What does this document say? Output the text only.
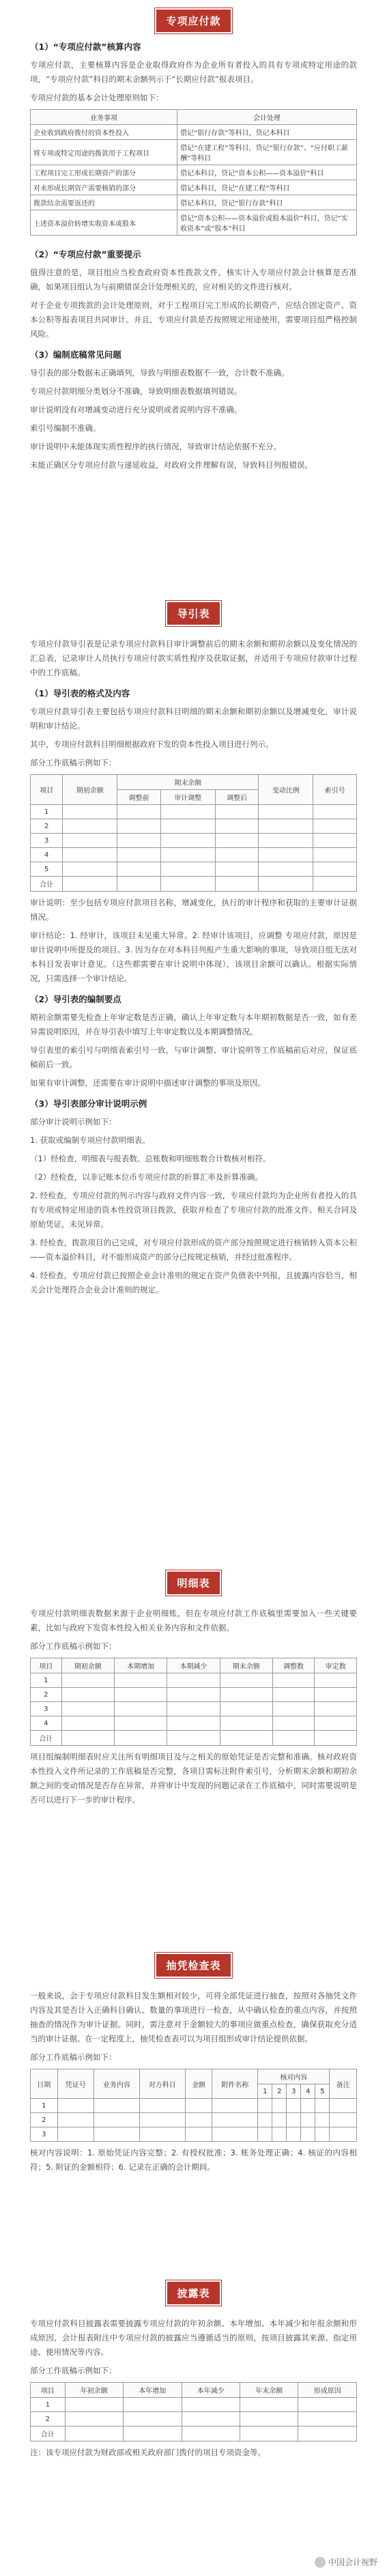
专项应付款
（1）“专项应付款”核算内容

专项应付款，主要核算内容是企业取得政府作为企业所有者投入的具有专项或特定用途的款项，“专项应付款”科目的期末余额列示于“长期应付款”报表项目。

专项应付款的基本会计处理原则如下：

业务事项	会计处理
企业收到政府拨付的资本性投入	借记“银行存款”等科目，贷记本科目
将专项或特定用途的拨款用于工程项目	借记“在建工程”等科目，贷记“银行存款”、“应付职工薪酬”等科目
工程项目完工形成长期资产的部分	借记本科目，贷记“资本公积——资本溢价”科目
对未形成长期资产需要核销的部分	借记本科目，贷记“在建工程”等科目
拨款结余需要返还的	借记本科目，贷记“银行存款”科目
上述资本溢价转增实收资本或股本	借记“资本公积——资本溢价或股本溢价”科目，贷记“实收资本”或“股本”科目
（2）“专项应付款”重要提示

值得注意的是，项目组应当检查政府资本性拨款文件，核实计入专项应付款会计核算是否准确，如果项目组认为与前期错误会计处理相关的，应对相关的文件进行核对。

对于企业专项拨款的会计处理原则，对于工程项目完工形成的长期资产，应结合固定资产、资本公积等报表项目共同审计。并且，专项应付款是否按照规定用途使用，需要项目组严格控制风险。

（3）编制底稿常见问题

导引表的部分数据未正确填列，导致与明细表数据不一致，合计数不准确。

专项应付款明细分类划分不准确，导致明细表数据填列错误。

审计说明没有对增减变动进行充分说明或者说明内容不准确。

索引号编制不准确。

审计说明中未能体现实质性程序的执行情况，导致审计结论依据不充分。

未能正确区分专项应付款与递延收益，对政府文件理解有误，导致科目列报错误。

导引表

专项应付款导引表是记录专项应付款科目审计调整前后的期末余额和期初余额以及变化情况的汇总表，记录审计人员执行专项应付款实质性程序及获取证据，并适用于专项应付款审计过程中的工作底稿。

（1）导引表的格式及内容

专项应付款导引表主要包括专项应付款科目明细的期末余额和期初余额以及增减变化，审计说明和审计结论。

其中，专项应付款科目明细根据政府下发的资本性投入项目进行列示。

部分工作底稿示例如下：

项目	期初余额	期末余额			变动比例	索引号
		调整前	审计调整	调整后		
1						
2						
3						
4						
5						
合计						

审计说明：至少包括专项应付款项目名称，增减变化，执行的审计程序和获取的主要审计证据情况。

审计结论：1. 经审计，该项目未见重大异常。2. 经审计该项目，应调整 专项应付款，原因是审计说明中所提及的项目。3. 因为存在对本科目列报产生重大影响的事项，导致项目组无法对本科目发表审计意见。（这些都需要在审计说明中体现），该项目余额可以确认。根据实际情况，只需选择一个审计结论。

（2）导引表的编制要点

期初余额需要先检查上年审定数是否正确，确认上年审定数与本年期初数据是否一致，如有差异需说明原因，并在导引表中填写上年审定数以及本期调整情况。

导引表里的索引号与明细表索引号一致，与审计调整、审计说明等工作底稿前后对应，保证底稿前后一致。

如果有审计调整，还需要在审计说明中描述审计调整的事项及原因。

（3）导引表部分审计说明示例

部分审计说明示例如下：

1. 获取或编制专项应付款明细表。

（1）经检查，明细表与报表数、总账数和明细账数合计数核对相符。

（2）经检查，以非记账本位币专项应付款的折算汇率及折算准确。

2. 经检查，专项应付款的列示内容与政府文件内容一致，专项应付款均为企业所有者投入的具有专项或特定用途的资本性投资项目拨款，获取并检查了专项应付款的批准文件、相关合同及原始凭证，未见异常。

3. 经检查，拨款项目的已完成，对专项应付款形成的资产部分按照规定进行核销转入资本公积——资本溢价科目，对不能形成资产的部分已按规定核销，并经过批准程序。

4. 经检查，专项应付款已按照企业会计准则的规定在资产负债表中列报，且披露内容恰当，相关会计处理符合企业会计准则的规定。

明细表

专项应付款明细表数据来源于企业明细账，但在专项应付款工作底稿里需要加入一些关键要素，比如与政府下发资本性投入相关业务内容和文件依据。

部分工作底稿示例如下：

项目	期初余额	本期增加	本期减少	期末余额	调整数	审定数
1						
2						
3						
4						
合计						

项目组编制明细表时应关注所有明细项目及与之相关的原始凭证是否完整和准确。核对政府资本性投入文件所记录的工作底稿是否完整，各项目需标注附件索引号，分析期末余额和期初余额之间的变动情况是否存在异常，并将审计中发现的问题记录在工作底稿中，同时需要说明是否可以进行下一步的审计程序。

抽凭检查表

一般来说，会于专项应付款科目发生额相对较少，可将全部凭证进行抽查，按照对各抽凭文件内容及其是否计入正确科目确认、数量的事项进行一检查，从中确认检查的重点内容，并按照抽查的情况作为审计证据。同时，需注意对于金额较大的事项应做重点检查，确保获取充分适当的审计证据。在一定程度上，抽凭检查表可以为项目组形成审计结论提供依据。

部分工作底稿示例如下：

日期	凭证号	业务内容	对方科目	金额	附件名称	核对内容					备注
						1	2	3	4	5	
1											
2											
3											

核对内容说明：1. 原始凭证内容完整；2. 有授权批准；3. 账务处理正确；4. 核证的内容相符；5. 附证的金额相符；6. 记录在正确的会计期间。

披露表

专项应付款科目披露表需要披露专项应付款的年初余额、本年增加、本年减少和年报余额和形成原因，会计报表附注中专项应付款的披露应当遵循适当的原则，按项目披露其来源、指定用途、使用情况等内容。

部分工作底稿示例如下：

项目	年初余额	本年增加	本年减少	年末余额	形成原因
1					
2					
合计					

注：该专项应付款为财政部或相关政府部门拨付的项目专项资金等。

中国会计视野
